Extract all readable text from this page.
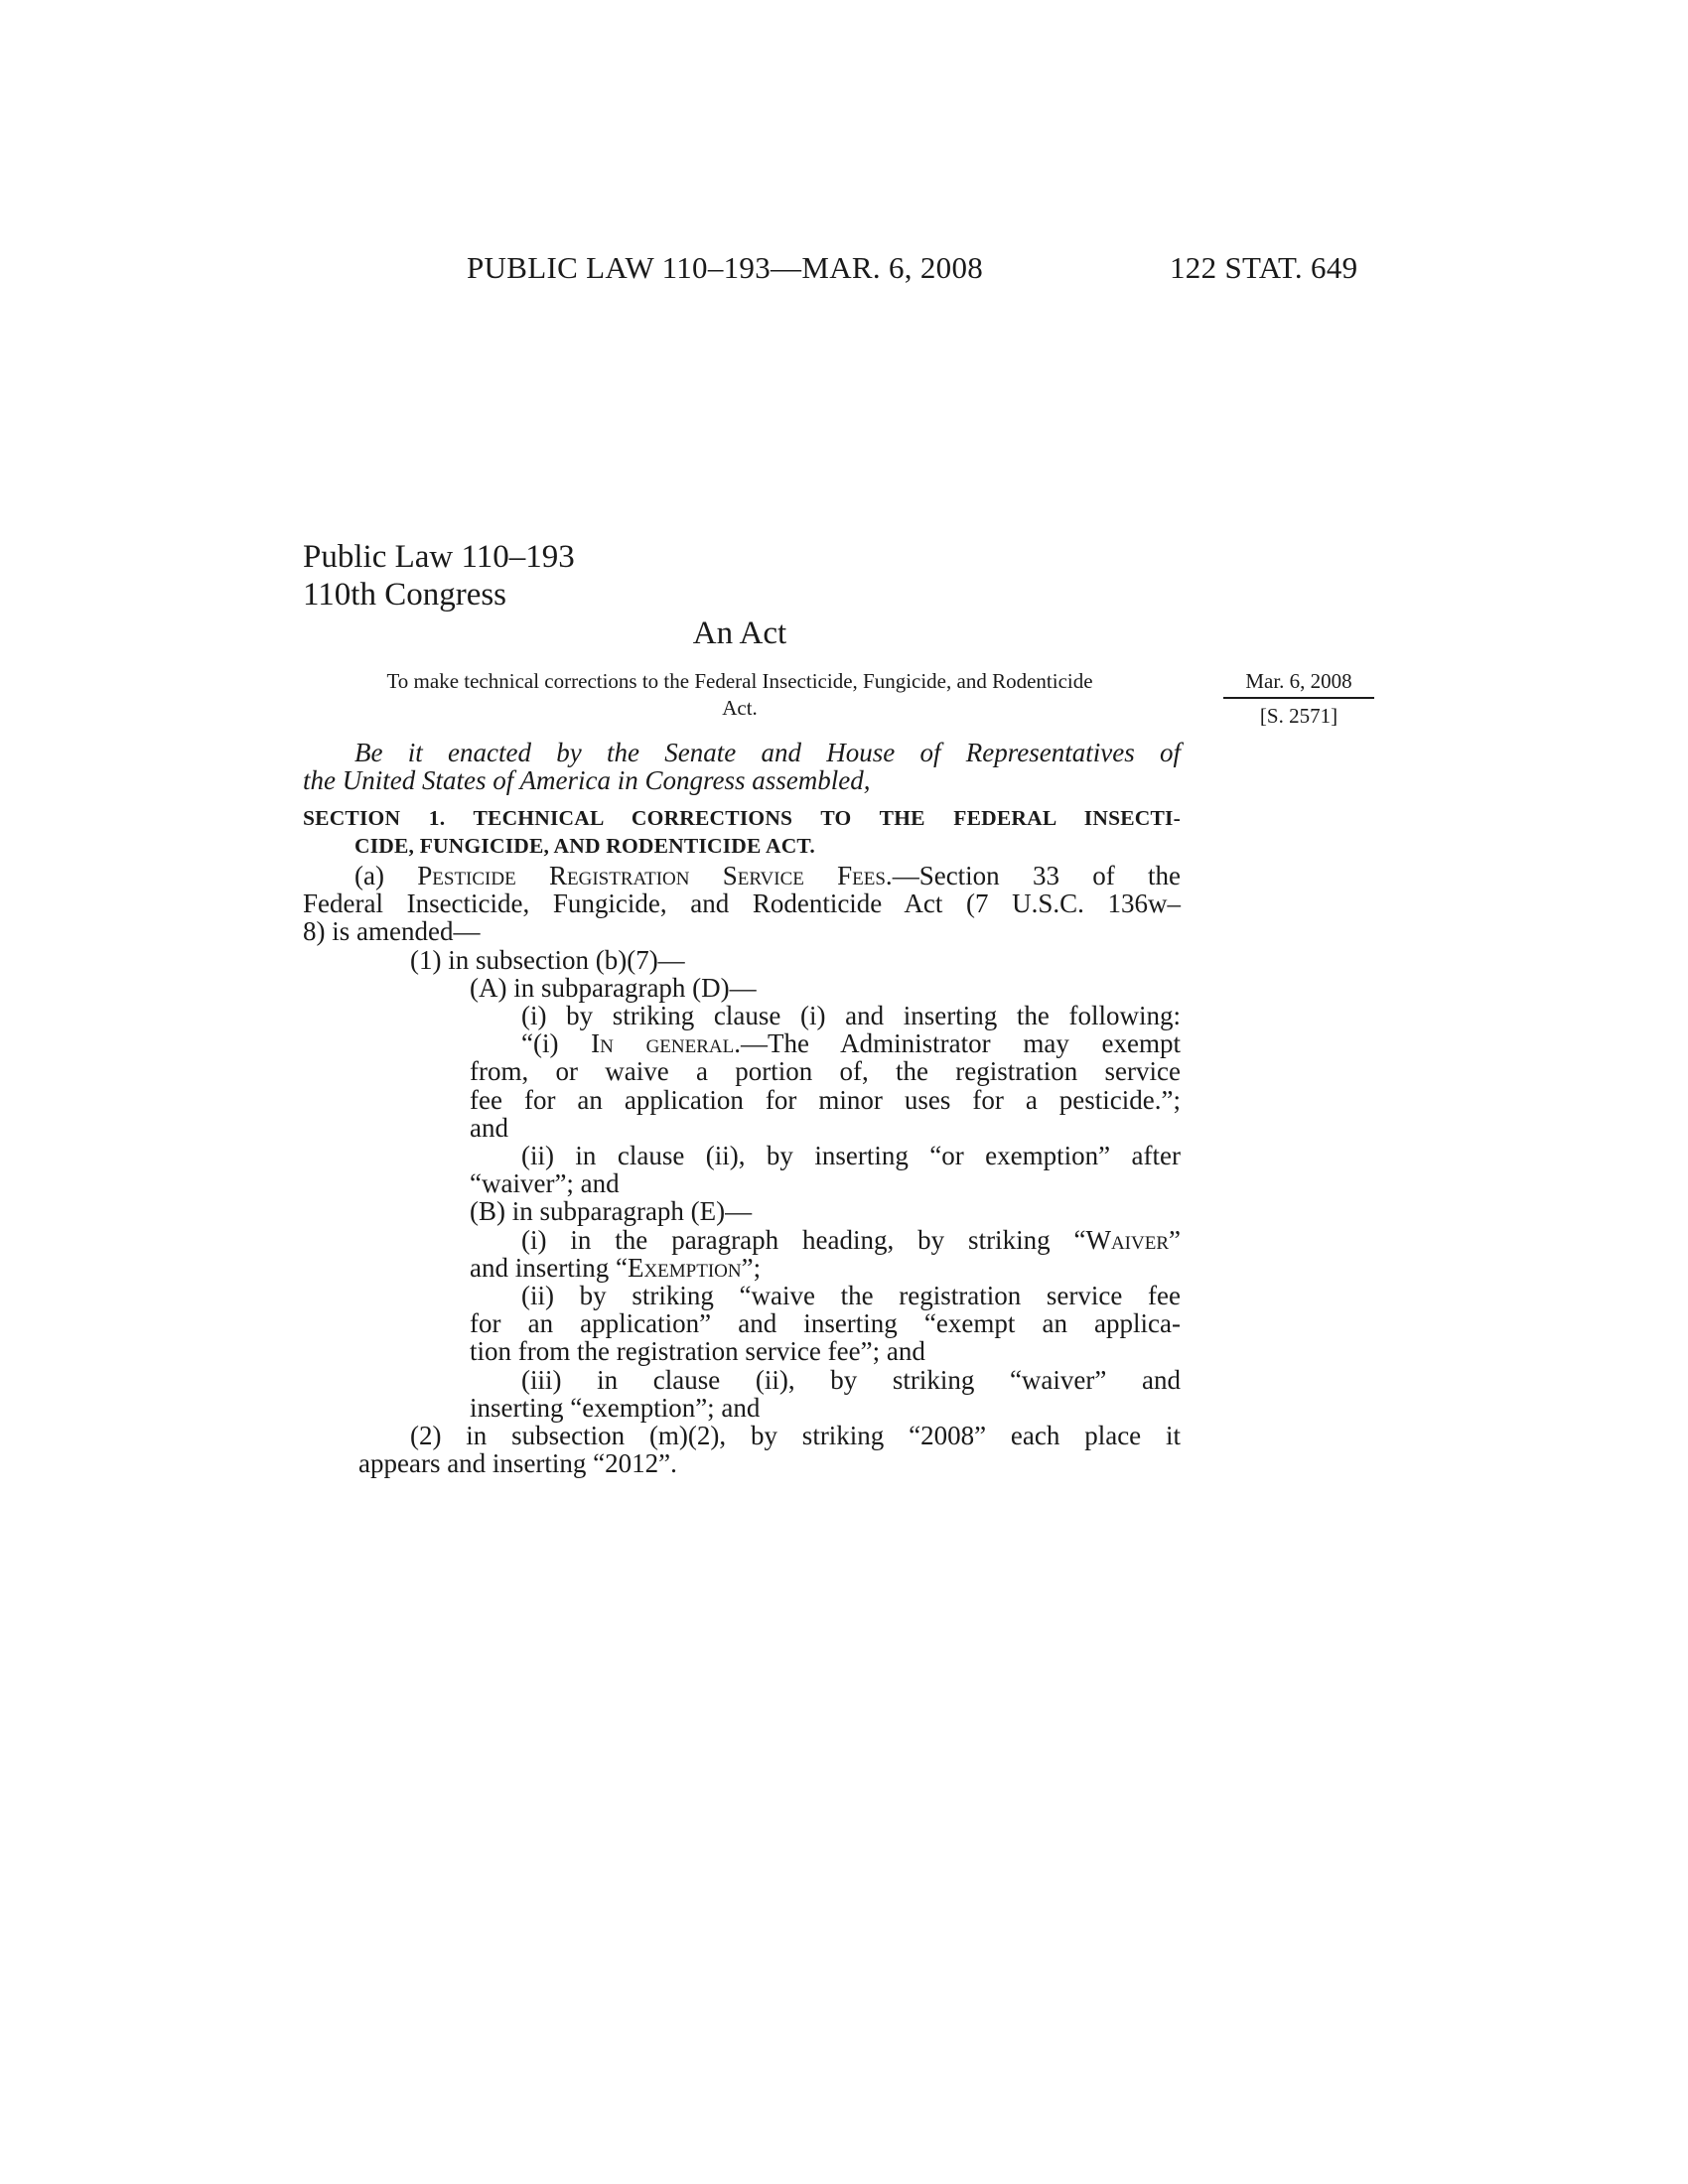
PUBLIC LAW 110–193—MAR. 6, 2008	122 STAT. 649
Public Law 110–193
110th Congress
An Act
To make technical corrections to the Federal Insecticide, Fungicide, and Rodenticide
Act.
Mar. 6, 2008
[S. 2571]
Be it enacted by the Senate and House of Representatives of
the United States of America in Congress assembled,
SECTION 1. TECHNICAL CORRECTIONS TO THE FEDERAL INSECTI-
CIDE, FUNGICIDE, AND RODENTICIDE ACT.
(a) Pesticide Registration Service Fees.—Section 33 of the
Federal Insecticide, Fungicide, and Rodenticide Act (7 U.S.C. 136w–
8) is amended—
(1) in subsection (b)(7)—
(A) in subparagraph (D)—
(i) by striking clause (i) and inserting the following:
“(i) In general.—The Administrator may exempt
from, or waive a portion of, the registration service
fee for an application for minor uses for a pesticide.”;
and
(ii) in clause (ii), by inserting “or exemption” after
“waiver”; and
(B) in subparagraph (E)—
(i) in the paragraph heading, by striking “Waiver”
and inserting “Exemption”;
(ii) by striking “waive the registration service fee
for an application” and inserting “exempt an applica-
tion from the registration service fee”; and
(iii) in clause (ii), by striking “waiver” and
inserting “exemption”; and
(2) in subsection (m)(2), by striking “2008” each place it
appears and inserting “2012”.
